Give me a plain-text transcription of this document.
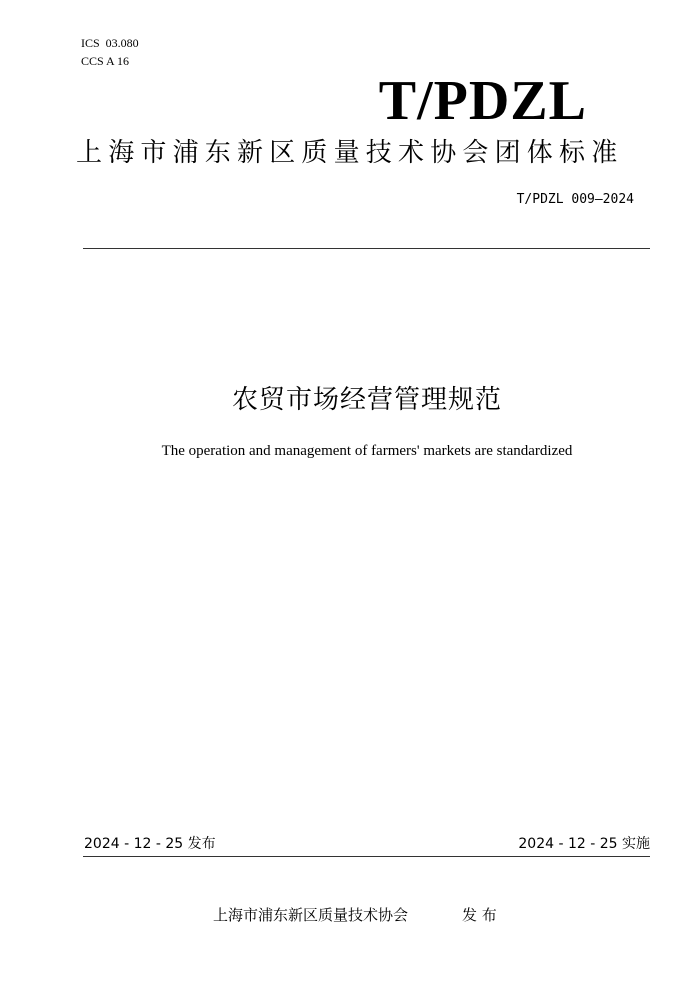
ICS  03.080
CCS A 16
T/PDZL
上海市浦东新区质量技术协会团体标准
T/PDZL 009—2024
农贸市场经营管理规范
The operation and management of farmers' markets are standardized
2024 - 12 - 25 发布	2024 - 12 - 25 实施
上海市浦东新区质量技术协会	发 布
